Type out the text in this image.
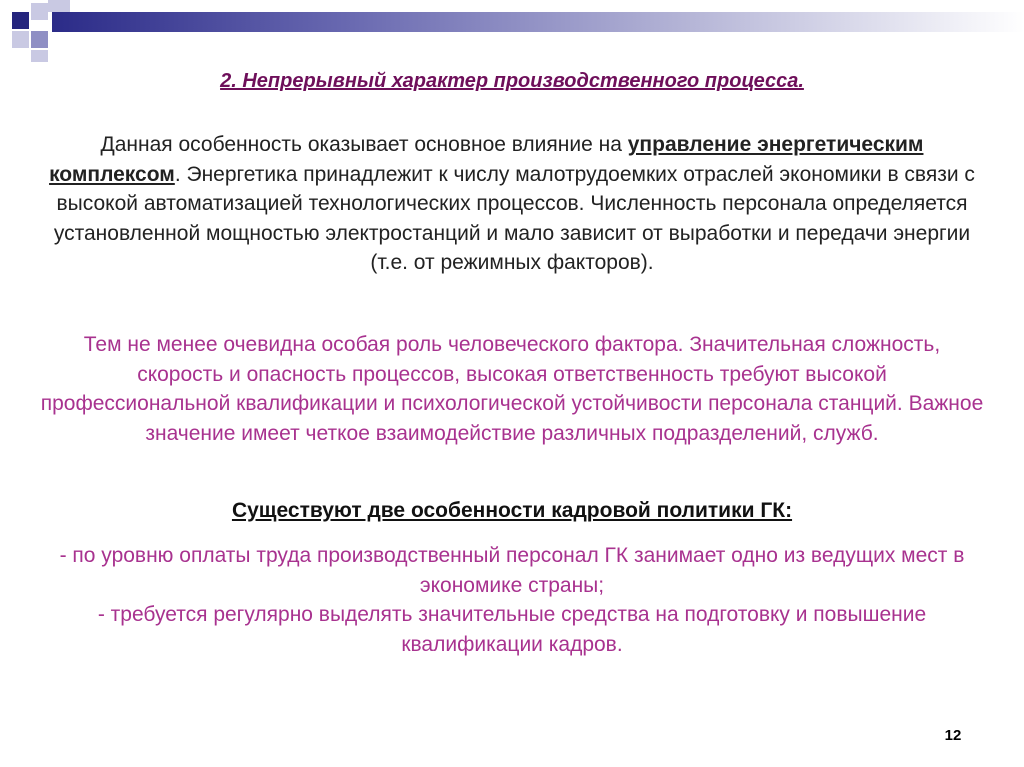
2. Непрерывный характер производственного процесса.
Данная особенность оказывает основное влияние на управление энергетическим комплексом. Энергетика принадлежит к числу малотрудоемких отраслей экономики в связи с высокой автоматизацией технологических процессов. Численность персонала определяется установленной мощностью электростанций и мало зависит от выработки и передачи энергии (т.е. от режимных факторов).
Тем не менее очевидна особая роль человеческого фактора. Значительная сложность, скорость и опасность процессов, высокая ответственность требуют высокой профессиональной квалификации и психологической устойчивости персонала станций. Важное значение имеет четкое взаимодействие различных подразделений, служб.
Существуют две особенности кадровой политики ГК:
- по уровню оплаты труда производственный персонал ГК занимает одно из ведущих мест в экономике страны;
- требуется регулярно выделять значительные средства на подготовку и повышение квалификации кадров.
12
